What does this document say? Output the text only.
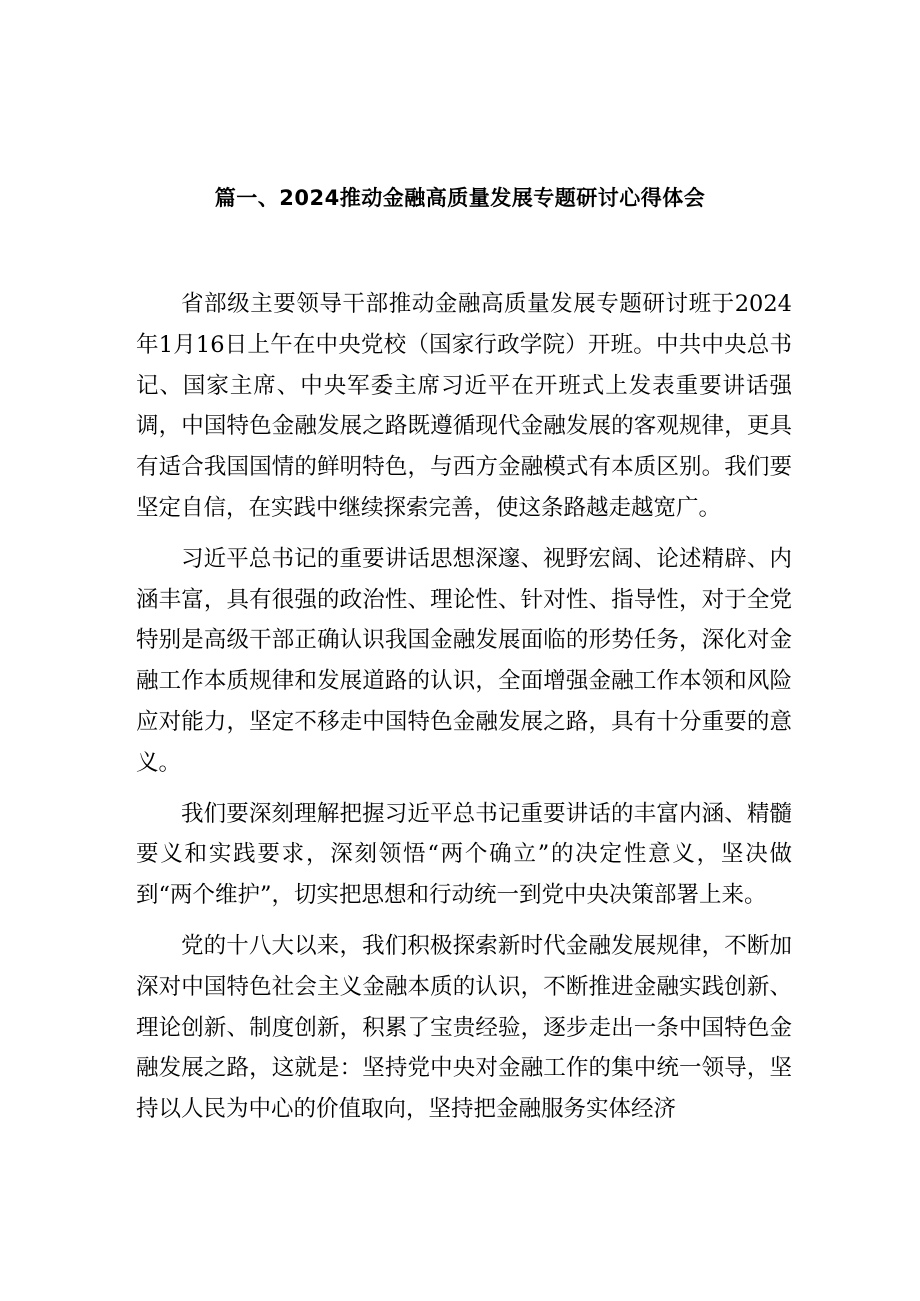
篇一、2024推动金融高质量发展专题研讨心得体会

省部级主要领导干部推动金融高质量发展专题研讨班于2024年1月16日上午在中央党校（国家行政学院）开班。中共中央总书记、国家主席、中央军委主席习近平在开班式上发表重要讲话强调，中国特色金融发展之路既遵循现代金融发展的客观规律，更具有适合我国国情的鲜明特色，与西方金融模式有本质区别。我们要坚定自信，在实践中继续探索完善，使这条路越走越宽广。

习近平总书记的重要讲话思想深邃、视野宏阔、论述精辟、内涵丰富，具有很强的政治性、理论性、针对性、指导性，对于全党特别是高级干部正确认识我国金融发展面临的形势任务，深化对金融工作本质规律和发展道路的认识，全面增强金融工作本领和风险应对能力，坚定不移走中国特色金融发展之路，具有十分重要的意义。

我们要深刻理解把握习近平总书记重要讲话的丰富内涵、精髓要义和实践要求，深刻领悟“两个确立”的决定性意义，坚决做到“两个维护”，切实把思想和行动统一到党中央决策部署上来。

党的十八大以来，我们积极探索新时代金融发展规律，不断加深对中国特色社会主义金融本质的认识，不断推进金融实践创新、理论创新、制度创新，积累了宝贵经验，逐步走出一条中国特色金融发展之路，这就是：坚持党中央对金融工作的集中统一领导，坚持以人民为中心的价值取向，坚持把金融服务实体经济
